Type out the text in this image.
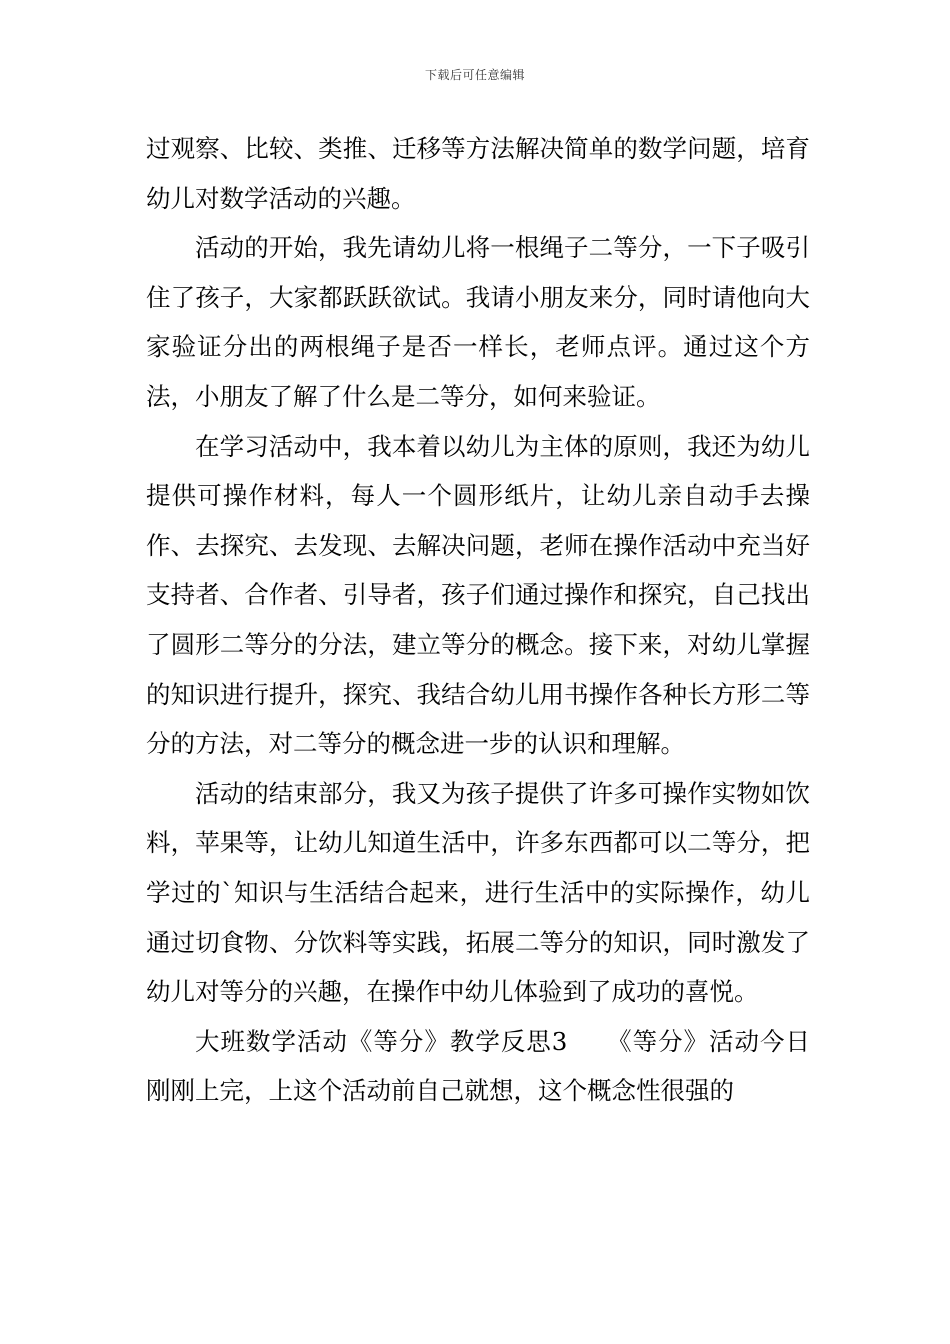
下载后可任意编辑

过观察、比较、类推、迁移等方法解决简单的数学问题，培育幼儿对数学活动的兴趣。

活动的开始，我先请幼儿将一根绳子二等分，一下子吸引住了孩子，大家都跃跃欲试。我请小朋友来分，同时请他向大家验证分出的两根绳子是否一样长，老师点评。通过这个方法，小朋友了解了什么是二等分，如何来验证。

在学习活动中，我本着以幼儿为主体的原则，我还为幼儿提供可操作材料，每人一个圆形纸片，让幼儿亲自动手去操作、去探究、去发现、去解决问题，老师在操作活动中充当好支持者、合作者、引导者，孩子们通过操作和探究，自己找出了圆形二等分的分法，建立等分的概念。接下来，对幼儿掌握的知识进行提升，探究、我结合幼儿用书操作各种长方形二等分的方法，对二等分的概念进一步的认识和理解。

活动的结束部分，我又为孩子提供了许多可操作实物如饮料，苹果等，让幼儿知道生活中，许多东西都可以二等分，把学过的`知识与生活结合起来，进行生活中的实际操作，幼儿通过切食物、分饮料等实践，拓展二等分的知识，同时激发了幼儿对等分的兴趣，在操作中幼儿体验到了成功的喜悦。

大班数学活动《等分》教学反思3　　《等分》活动今日刚刚上完，上这个活动前自己就想，这个概念性很强的
